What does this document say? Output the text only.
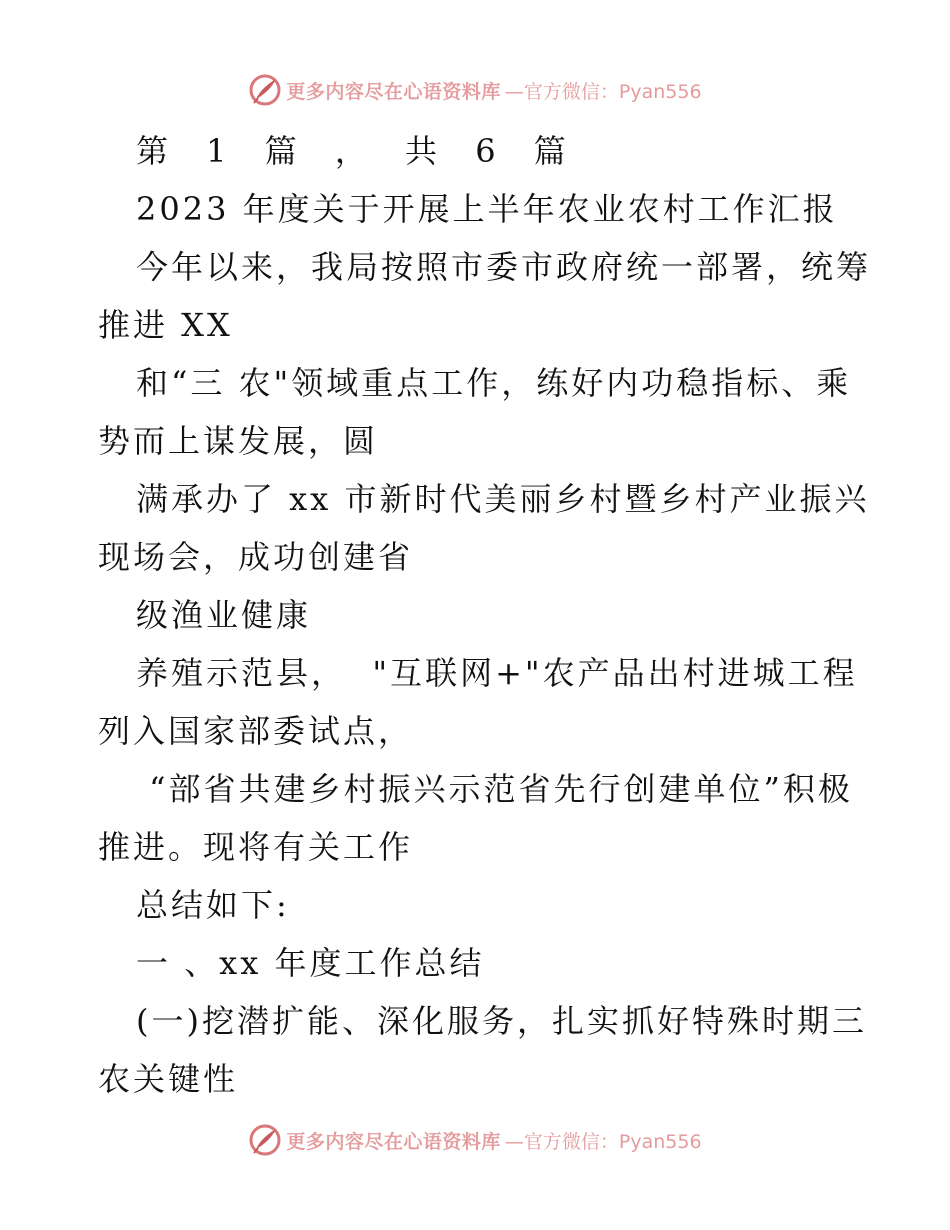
更多内容尽在心语资料库 —官方微信：Pyan556
第 1 篇 ， 共 6 篇
2023 年度关于开展上半年农业农村工作汇报
今年以来，我局按照市委市政府统一部署，统筹
推进 XX
和“三 农"领域重点工作，练好内功稳指标、乘
势而上谋发展，圆
满承办了 xx 市新时代美丽乡村暨乡村产业振兴
现场会，成功创建省
级渔业健康
养殖示范县，  "互联网+"农产品出村进城工程
列入国家部委试点，
“部省共建乡村振兴示范省先行创建单位”积极
推进。现将有关工作
总结如下:
一 、xx 年度工作总结
(一)挖潜扩能、深化服务，扎实抓好特殊时期三
农关键性
更多内容尽在心语资料库 —官方微信：Pyan556
